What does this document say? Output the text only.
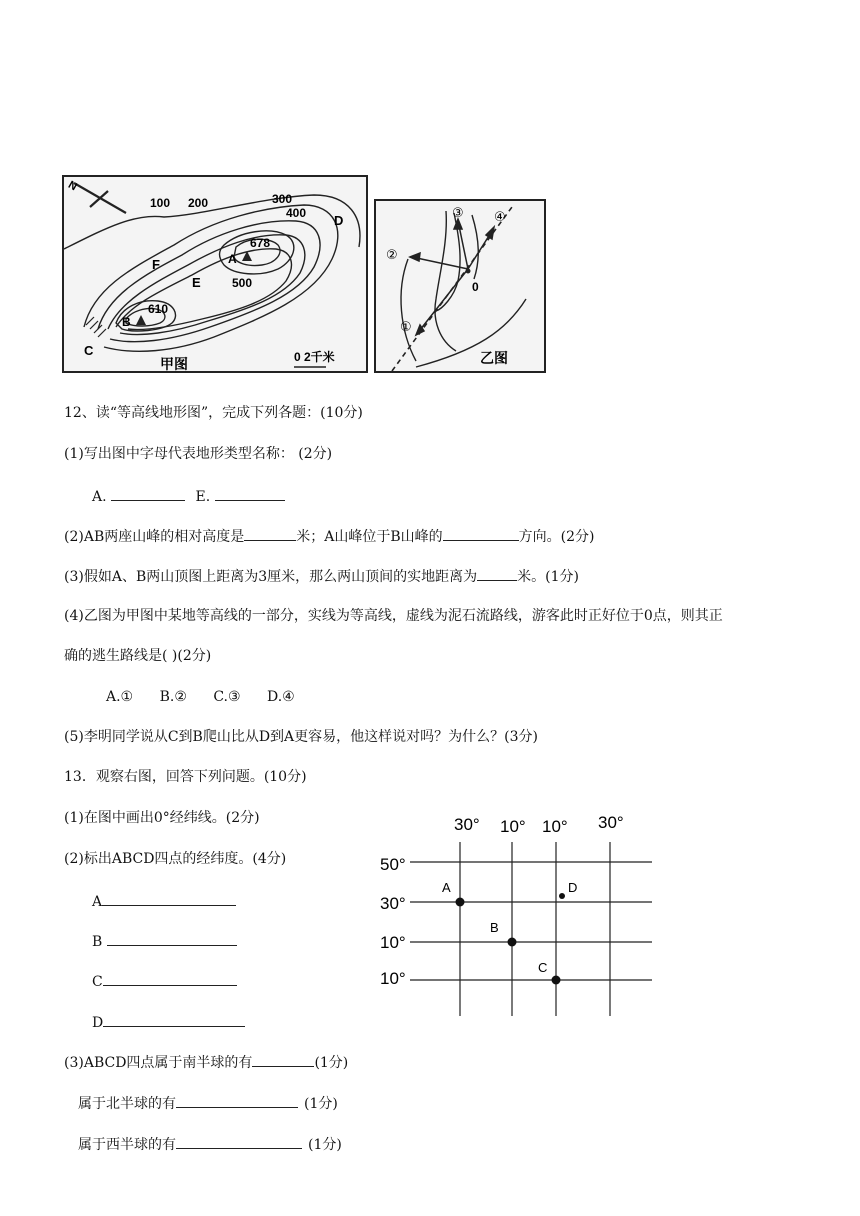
N
100 200	300
400
500
678
610
A
B
C
D
E
F
甲图	0 2千米
①
②
③ ④
0
乙图
12、读“等高线地形图”，完成下列各题：(10分)
(1)写出图中字母代表地形类型名称： (2分)
A.	E.
(2)AB两座山峰的相对高度是	米；A山峰位于B山峰的	方向。(2分)
(3)假如A、B两山顶图上距离为3厘米，那么两山顶间的实地距离为	米。(1分)
(4)乙图为甲图中某地等高线的一部分，实线为等高线，虚线为泥石流路线，游客此时正好位于0点，则其正
确的逃生路线是( )(2分)
A.① B.② C.③ D.④
(5)李明同学说从C到B爬山比从D到A更容易，他这样说对吗？为什么？(3分)
13．观察右图，回答下列问题。(10分)
(1)在图中画出0°经纬线。(2分)
(2)标出ABCD四点的经纬度。(4分)
A
B
C
D
30° 10° 10° 30°
50°
30°
10°
10°
A
B
C
D
(3)ABCD四点属于南半球的有	(1分)
属于北半球的有	(1分)
属于西半球的有	(1分)
